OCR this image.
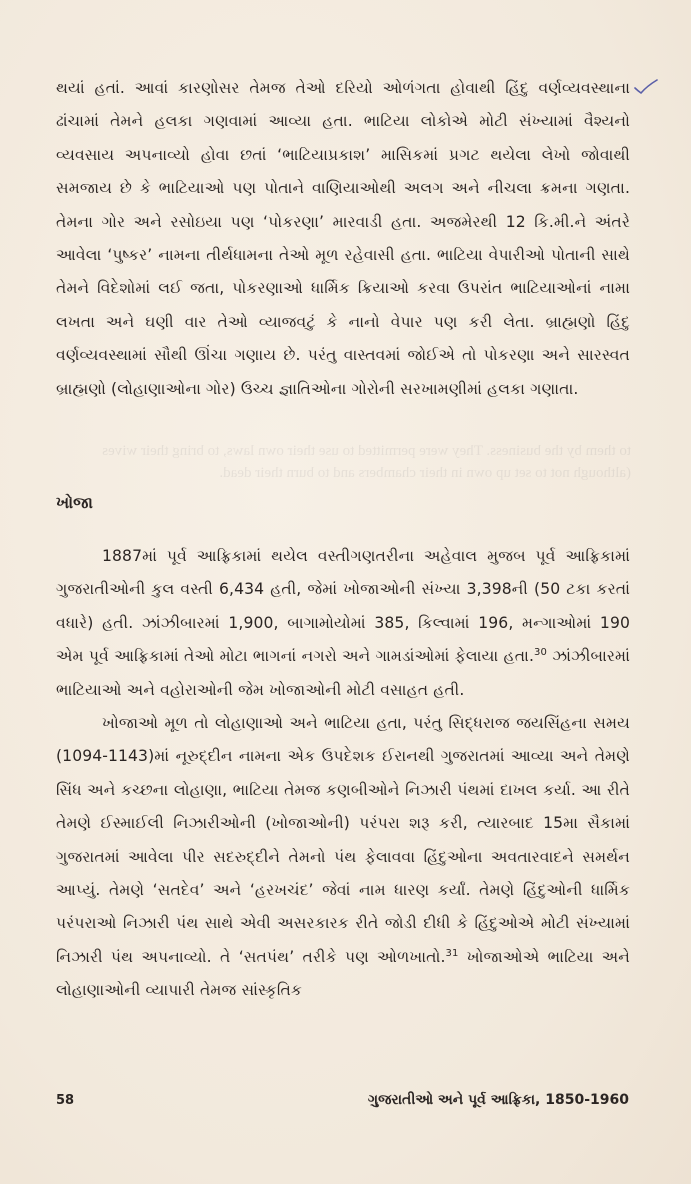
to them by the business. They were permitted to use their own laws, to bring their wives (although not to set up own in their chambers and to burn their dead.
થયાં હતાં. આવાં કારણોસર તેમજ તેઓ દરિયો ઓળંગતા હોવાથી હિંદુ વર્ણવ્યવસ્થાના ઢાંચામાં તેમને હલકા ગણવામાં આવ્યા હતા. ભાટિયા લોકોએ મોટી સંખ્યામાં વૈશ્યનો વ્યવસાય અપનાવ્યો હોવા છતાં ‘ભાટિયાપ્રકાશ’ માસિકમાં પ્રગટ થયેલા લેખો જોવાથી સમજાય છે કે ભાટિયાઓ પણ પોતાને વાણિયાઓથી અલગ અને નીચલા ક્રમના ગણતા. તેમના ગોર અને રસોઇયા પણ ‘પોકરણા’ મારવાડી હતા. અજમેરથી 12 કિ.મી.ને અંતરે આવેલા ‘પુષ્કર’ નામના તીર્થધામના તેઓ મૂળ રહેવાસી હતા. ભાટિયા વેપારીઓ પોતાની સાથે તેમને વિદેશોમાં લઈ જતા, પોકરણાઓ ધાર્મિક ક્રિયાઓ કરવા ઉપરાંત ભાટિયાઓનાં નામા લખતા અને ઘણી વાર તેઓ વ્યાજવટું કે નાનો વેપાર પણ કરી લેતા. બ્રાહ્મણો હિંદુ વર્ણવ્યવસ્થામાં સૌથી ઊંચા ગણાય છે. પરંતુ વાસ્તવમાં જોઈએ તો પોકરણા અને સારસ્વત બ્રાહ્મણો (લોહાણાઓના ગોર) ઉચ્ચ જ્ઞાતિઓના ગોરોની સરખામણીમાં હલકા ગણાતા.
ખોજા
1887માં પૂર્વ આફ્રિકામાં થયેલ વસ્તીગણતરીના અહેવાલ મુજબ પૂર્વ આફ્રિકામાં ગુજરાતીઓની કુલ વસ્તી 6,434 હતી, જેમાં ખોજાઓની સંખ્યા 3,398ની (50 ટકા કરતાં વધારે) હતી. ઝાંઝીબારમાં 1,900, બાગામોયોમાં 385, કિલ્વામાં 196, મન્ગાઓમાં 190 એમ પૂર્વ આફ્રિકામાં તેઓ મોટા ભાગનાં નગરો અને ગામડાંઓમાં ફેલાયા હતા.$^{30}$ ઝાંઝીબારમાં ભાટિયાઓ અને વહોરાઓની જેમ ખોજાઓની મોટી વસાહત હતી.
ખોજાઓ મૂળ તો લોહાણાઓ અને ભાટિયા હતા, પરંતુ સિદ્ધરાજ જયસિંહના સમય (1094-1143)માં નૂરુદ્દીન નામના એક ઉપદેશક ઈરાનથી ગુજરાતમાં આવ્યા અને તેમણે સિંધ અને કચ્છના લોહાણા, ભાટિયા તેમજ કણબીઓને નિઝારી પંથમાં દાખલ કર્યા. આ રીતે તેમણે ઈસ્માઈલી નિઝારીઓની (ખોજાઓની) પરંપરા શરૂ કરી, ત્યારબાદ 15મા સૈકામાં ગુજરાતમાં આવેલા પીર સદરુદ્દીને તેમનો પંથ ફેલાવવા હિંદુઓના અવતારવાદને સમર્થન આપ્યું. તેમણે ‘સતદેવ’ અને ‘હરખચંદ’ જેવાં નામ ધારણ કર્યાં. તેમણે હિંદુઓની ધાર્મિક પરંપરાઓ નિઝારી પંથ સાથે એવી અસરકારક રીતે જોડી દીધી કે હિંદુઓએ મોટી સંખ્યામાં નિઝારી પંથ અપનાવ્યો. તે ‘સતપંથ’ તરીકે પણ ઓળખાતો.$^{31}$ ખોજાઓએ ભાટિયા અને લોહાણાઓની વ્યાપારી તેમજ સાંસ્કૃતિક
58	ગુજરાતીઓ અને પૂર્વ આફ્રિકા, 1850-1960
